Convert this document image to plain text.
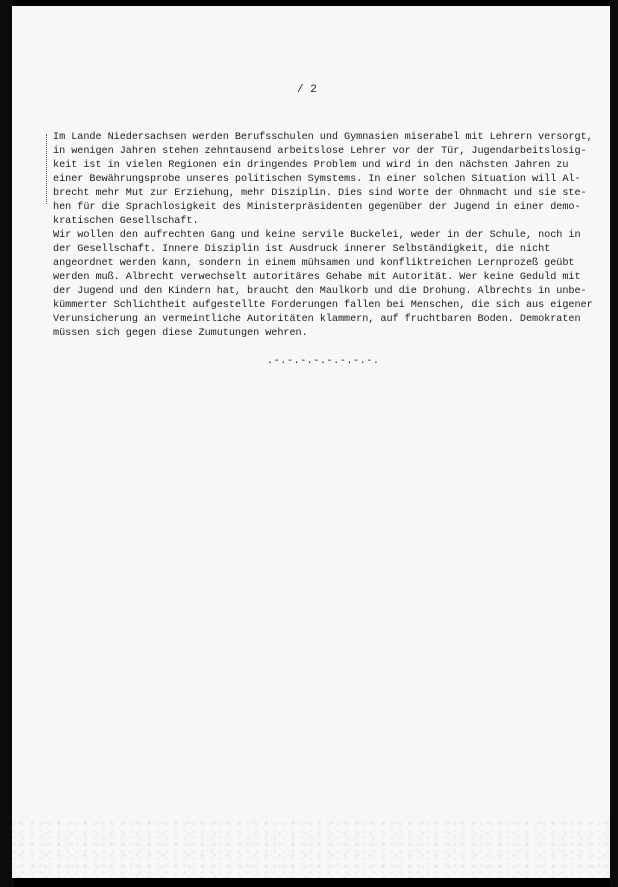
/ 2
Im Lande Niedersachsen werden Berufsschulen und Gymnasien miserabel mit Lehrern versorgt,
in wenigen Jahren stehen zehntausend arbeitslose Lehrer vor der Tür, Jugendarbeitslosig-
keit ist in vielen Regionen ein dringendes Problem und wird in den nächsten Jahren zu
einer Bewährungsprobe unseres politischen Symstems. In einer solchen Situation will Al-
brecht mehr Mut zur Erziehung, mehr Disziplin. Dies sind Worte der Ohnmacht und sie ste-
hen für die Sprachlosigkeit des Ministerpräsidenten gegenüber der Jugend in einer demo-
kratischen Gesellschaft.
Wir wollen den aufrechten Gang und keine servile Buckelei, weder in der Schule, noch in
der Gesellschaft. Innere Disziplin ist Ausdruck innerer Selbständigkeit, die nicht
angeordnet werden kann, sondern in einem mühsamen und konfliktreichen Lernprozeß geübt
werden muß. Albrecht verwechselt autoritäres Gehabe mit Autorität. Wer keine Geduld mit
der Jugend und den Kindern hat, braucht den Maulkorb und die Drohung. Albrechts in unbe-
kümmerter Schlichtheit aufgestellte Forderungen fallen bei Menschen, die sich aus eigener
Verunsicherung an vermeintliche Autoritäten klammern, auf fruchtbaren Boden. Demokraten
müssen sich gegen diese Zumutungen wehren.
.-.-.-.-.-.-.-.-.
